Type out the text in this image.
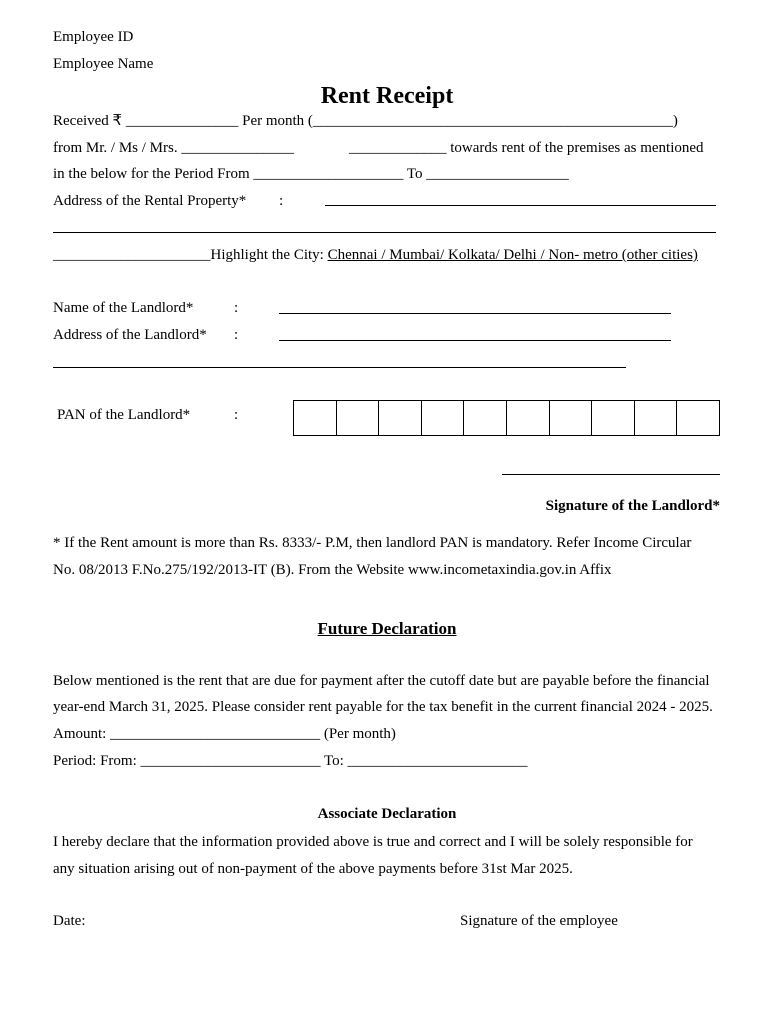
Employee ID
Employee Name
Rent Receipt
Received ₹ _______________ Per month (________________________________________________)
from Mr. / Ms / Mrs. _______________	_____________ towards rent of the premises as mentioned
in the below for the Period From ____________________ To ___________________
Address of the Rental Property* :
_____________________Highlight the City: Chennai / Mumbai/ Kolkata/ Delhi / Non- metro (other cities)
Name of the Landlord*	:
Address of the Landlord* :
PAN of the Landlord*	:
Signature of the Landlord*
* If the Rent amount is more than Rs. 8333/- P.M, then landlord PAN is mandatory. Refer Income Circular
No. 08/2013 F.No.275/192/2013-IT (B). From the Website www.incometaxindia.gov.in Affix
Future Declaration
Below mentioned is the rent that are due for payment after the cutoff date but are payable before the financial
year-end March 31, 2025. Please consider rent payable for the tax benefit in the current financial 2024 - 2025.
Amount: ____________________________ (Per month)
Period: From: ________________________ To: ________________________
Associate Declaration
I hereby declare that the information provided above is true and correct and I will be solely responsible for
any situation arising out of non-payment of the above payments before 31st Mar 2025.
Date:	Signature of the employee
